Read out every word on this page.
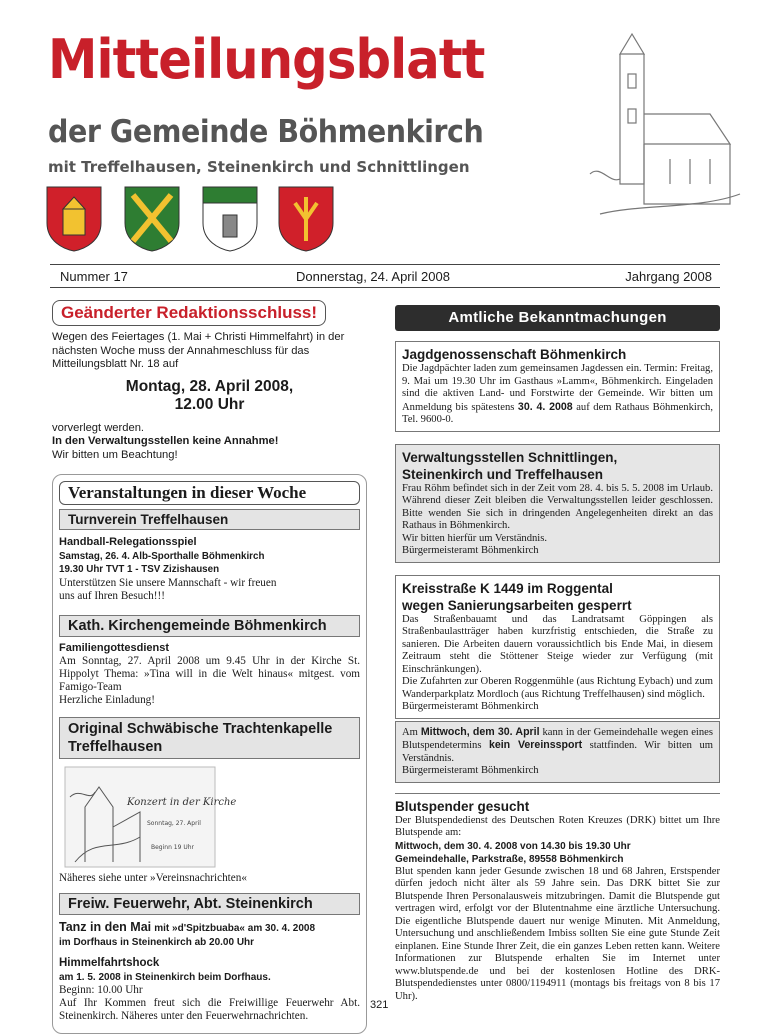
Mitteilungsblatt
der Gemeinde Böhmenkirch
mit Treffelhausen, Steinenkirch und Schnittlingen
Nummer 17	Donnerstag, 24. April 2008	Jahrgang 2008
Geänderter Redaktionsschluss!
Wegen des Feiertages (1. Mai + Christi Himmelfahrt) in der nächsten Woche muss der Annahmeschluss für das Mitteilungsblatt Nr. 18 auf
Montag, 28. April 2008,
12.00 Uhr
vorverlegt werden.
In den Verwaltungsstellen keine Annahme!
Wir bitten um Beachtung!
Veranstaltungen in dieser Woche
Turnverein Treffelhausen
Handball-Relegationsspiel
Samstag, 26. 4. Alb-Sporthalle Böhmenkirch
19.30 Uhr TVT 1 - TSV Zizishausen
Unterstützen Sie unsere Mannschaft - wir freuen uns auf Ihren Besuch!!!
Kath. Kirchengemeinde Böhmenkirch
Familiengottesdienst
Am Sonntag, 27. April 2008 um 9.45 Uhr in der Kirche St. Hippolyt Thema: »Tina will in die Welt hinaus« mitgest. vom Famigo-Team
Herzliche Einladung!
Original Schwäbische Trachtenkapelle Treffelhausen
Konzert in der Kirche
Sonntag, 27. April
Beginn 19 Uhr
Näheres siehe unter »Vereinsnachrichten«
Freiw. Feuerwehr, Abt. Steinenkirch
Tanz in den Mai mit »d'Spitzbuaba« am 30. 4. 2008
im Dorfhaus in Steinenkirch ab 20.00 Uhr
Himmelfahrtshock
am 1. 5. 2008 in Steinenkirch beim Dorfhaus.
Beginn: 10.00 Uhr
Auf Ihr Kommen freut sich die Freiwillige Feuerwehr Abt. Steinenkirch. Näheres unter den Feuerwehrnachrichten.
Amtliche Bekanntmachungen
Jagdgenossenschaft Böhmenkirch
Die Jagdpächter laden zum gemeinsamen Jagdessen ein. Termin: Freitag, 9. Mai um 19.30 Uhr im Gasthaus »Lamm«, Böhmenkirch. Eingeladen sind die aktiven Land- und Forstwirte der Gemeinde. Wir bitten um Anmeldung bis spätestens 30. 4. 2008 auf dem Rathaus Böhmenkirch, Tel. 9600-0.
Verwaltungsstellen Schnittlingen,
Steinenkirch und Treffelhausen
Frau Röhm befindet sich in der Zeit vom 28. 4. bis 5. 5. 2008 im Urlaub. Während dieser Zeit bleiben die Verwaltungsstellen leider geschlossen. Bitte wenden Sie sich in dringenden Angelegenheiten direkt an das Rathaus in Böhmenkirch.
Wir bitten hierfür um Verständnis.
Bürgermeisteramt Böhmenkirch
Kreisstraße K 1449 im Roggental
wegen Sanierungsarbeiten gesperrt
Das Straßenbauamt und das Landratsamt Göppingen als Straßenbaulastträger haben kurzfristig entschieden, die Straße zu sanieren. Die Arbeiten dauern voraussichtlich bis Ende Mai, in diesem Zeitraum steht die Stöttener Steige wieder zur Verfügung (mit Einschränkungen).
Die Zufahrten zur Oberen Roggenmühle (aus Richtung Eybach) und zum Wanderparkplatz Mordloch (aus Richtung Treffelhausen) sind möglich.
Bürgermeisteramt Böhmenkirch
Am Mittwoch, dem 30. April kann in der Gemeindehalle wegen eines Blutspendetermins kein Vereinssport stattfinden. Wir bitten um Verständnis.
Bürgermeisteramt Böhmenkirch
Blutspender gesucht
Der Blutspendedienst des Deutschen Roten Kreuzes (DRK) bittet um Ihre Blutspende am:
Mittwoch, dem 30. 4. 2008 von 14.30 bis 19.30 Uhr
Gemeindehalle, Parkstraße, 89558 Böhmenkirch
Blut spenden kann jeder Gesunde zwischen 18 und 68 Jahren, Erstspender dürfen jedoch nicht älter als 59 Jahre sein. Das DRK bittet Sie zur Blutspende Ihren Personalausweis mitzubringen. Damit die Blutspende gut vertragen wird, erfolgt vor der Blutentnahme eine ärztliche Untersuchung. Die eigentliche Blutspende dauert nur wenige Minuten. Mit Anmeldung, Untersuchung und anschließendem Imbiss sollten Sie eine gute Stunde Zeit einplanen. Eine Stunde Ihrer Zeit, die ein ganzes Leben retten kann. Weitere Informationen zur Blutspende erhalten Sie im Internet unter www.blutspende.de und bei der kostenlosen Hotline des DRK-Blutspendedienstes unter 0800/1194911 (montags bis freitags von 8 bis 17 Uhr).
321
